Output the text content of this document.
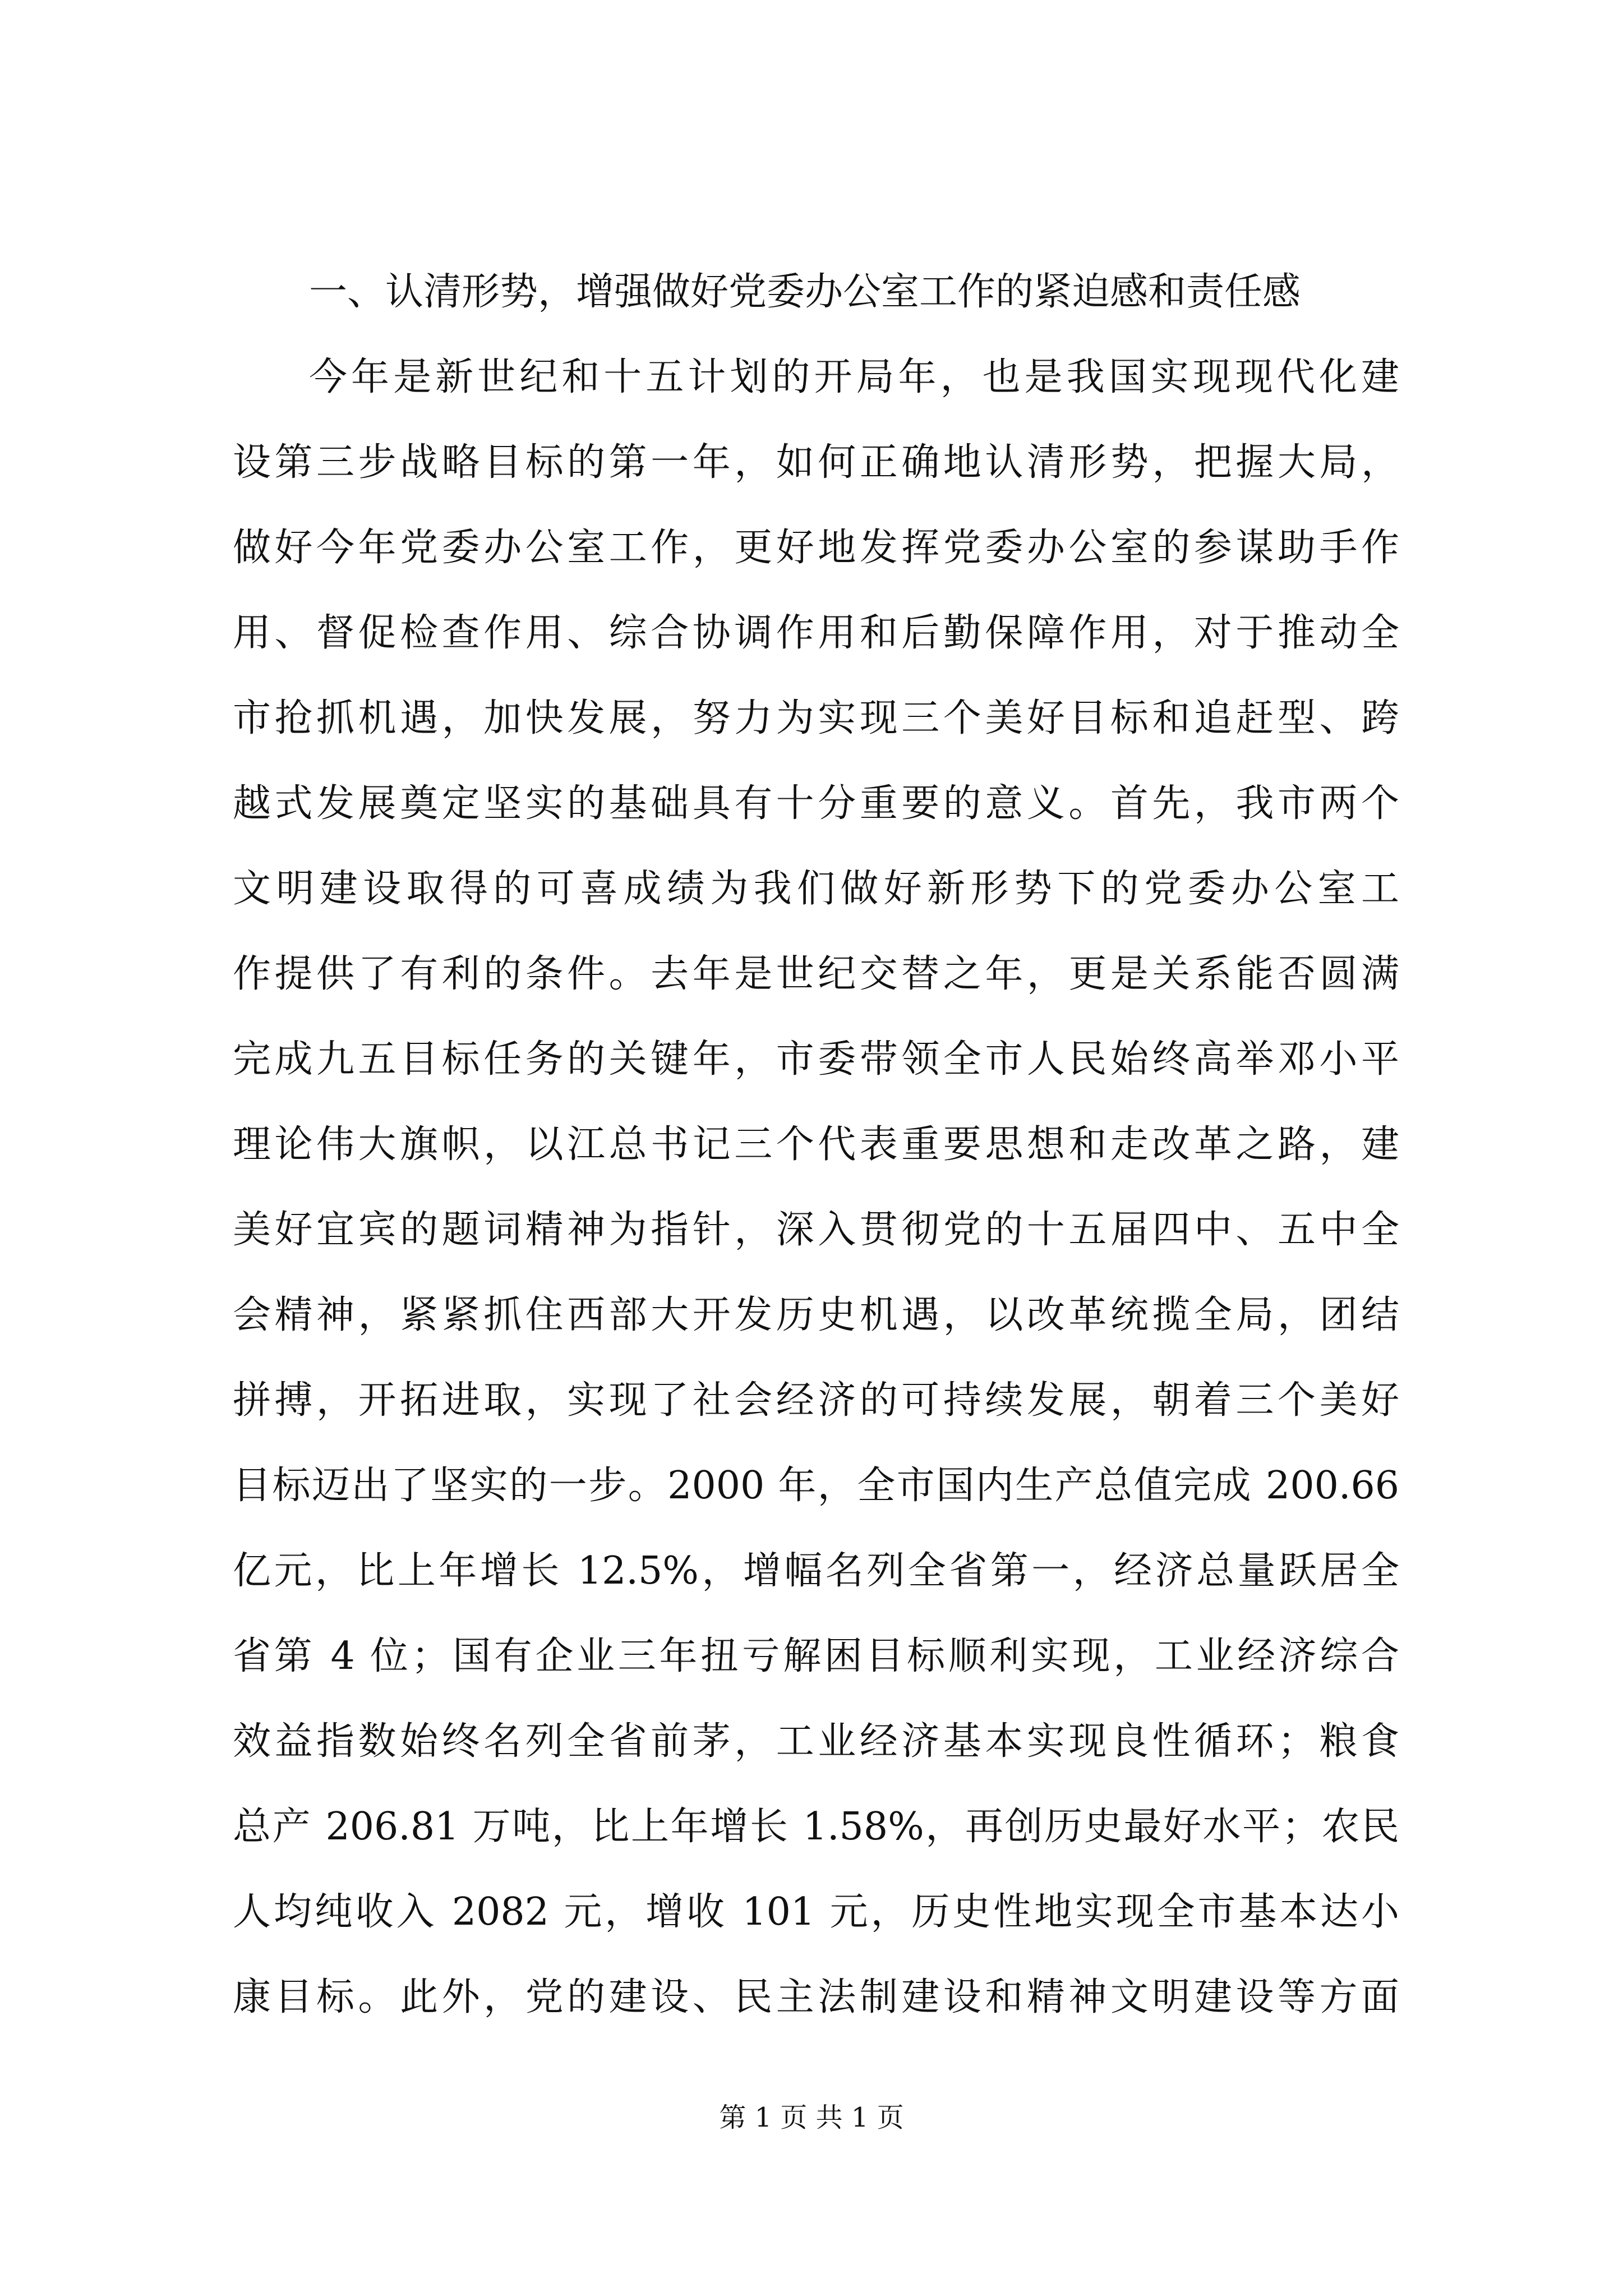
一、认清形势，增强做好党委办公室工作的紧迫感和责任感
今年是新世纪和十五计划的开局年，也是我国实现现代化建
设第三步战略目标的第一年，如何正确地认清形势，把握大局，
做好今年党委办公室工作，更好地发挥党委办公室的参谋助手作
用、督促检查作用、综合协调作用和后勤保障作用，对于推动全
市抢抓机遇，加快发展，努力为实现三个美好目标和追赶型、跨
越式发展奠定坚实的基础具有十分重要的意义。首先，我市两个
文明建设取得的可喜成绩为我们做好新形势下的党委办公室工
作提供了有利的条件。去年是世纪交替之年，更是关系能否圆满
完成九五目标任务的关键年，市委带领全市人民始终高举邓小平
理论伟大旗帜，以江总书记三个代表重要思想和走改革之路，建
美好宜宾的题词精神为指针，深入贯彻党的十五届四中、五中全
会精神，紧紧抓住西部大开发历史机遇，以改革统揽全局，团结
拼搏，开拓进取，实现了社会经济的可持续发展，朝着三个美好
目标迈出了坚实的一步。2000 年，全市国内生产总值完成 200.66
亿元，比上年增长 12.5%，增幅名列全省第一，经济总量跃居全
省第 4 位；国有企业三年扭亏解困目标顺利实现，工业经济综合
效益指数始终名列全省前茅，工业经济基本实现良性循环；粮食
总产 206.81 万吨，比上年增长 1.58%，再创历史最好水平；农民
人均纯收入 2082 元，增收 101 元，历史性地实现全市基本达小
康目标。此外，党的建设、民主法制建设和精神文明建设等方面
第 1 页 共 1 页
